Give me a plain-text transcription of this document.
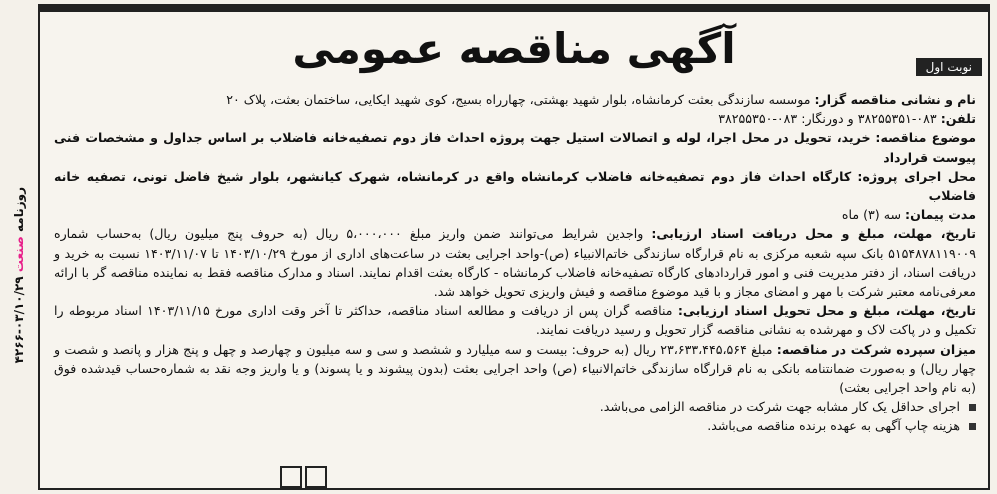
روزنامه صنعت ۰۳/۱۰/۲۹-۴۲۶۶
آگهی مناقصه عمومی	نوبت اول

نام و نشانی مناقصه گزار: موسسه سازندگی بعثت کرمانشاه، بلوار شهید بهشتی، چهارراه بسیج، کوی شهید ایکایی، ساختمان بعثت، پلاک ۲۰

تلفن: ۰۸۳-۳۸۲۵۵۳۵۱ و دورنگار: ۰۸۳-۳۸۲۵۵۳۵۰

موضوع مناقصه: خرید، تحویل در محل اجرا، لوله و اتصالات استیل جهت پروژه احداث فاز دوم تصفیه‌خانه فاضلاب بر اساس جداول و مشخصات فنی پیوست قرارداد

محل اجرای پروژه: کارگاه احداث فاز دوم تصفیه‌خانه فاضلاب کرمانشاه واقع در کرمانشاه، شهرک کیانشهر، بلوار شیخ فاضل تونی، تصفیه خانه فاضلاب

مدت پیمان: سه (۳) ماه

تاریخ، مهلت، مبلغ و محل دریافت اسناد ارزیابی: واجدین شرایط می‌توانند ضمن واریز مبلغ ۵،۰۰۰،۰۰۰ ریال (به حروف پنج میلیون ریال) به‌حساب شماره ۵۱۵۴۸۷۸۱۱۹۰۰۹ بانک سپه شعبه مرکزی به نام قرارگاه سازندگی خاتم‌الانبیاء (ص)-واحد اجرایی بعثت در ساعت‌های اداری از مورخ ۱۴۰۳/۱۰/۲۹ تا ۱۴۰۳/۱۱/۰۷ نسبت به خرید و دریافت اسناد، از دفتر مدیریت فنی و امور قراردادهای کارگاه تصفیه‌خانه فاضلاب کرمانشاه - کارگاه بعثت اقدام نمایند. اسناد و مدارک مناقصه فقط به نماینده مناقصه گر با ارائه معرفی‌نامه معتبر شرکت با مهر و امضای مجاز و با قید موضوع مناقصه و فیش واریزی تحویل خواهد شد.

تاریخ، مهلت، مبلغ و محل تحویل اسناد ارزیابی: مناقصه گران پس از دریافت و مطالعه اسناد مناقصه، حداکثر تا آخر وقت اداری مورخ ۱۴۰۳/۱۱/۱۵ اسناد مربوطه را تکمیل و در پاکت لاک و مهرشده به نشانی مناقصه گزار تحویل و رسید دریافت نمایند.

میزان سپرده شرکت در مناقصه: مبلغ ۲۳،۶۳۳،۴۴۵،۵۶۴ ریال (به حروف: بیست و سه میلیارد و ششصد و سی و سه میلیون و چهارصد و چهل و پنج هزار و پانصد و شصت و چهار ریال) و به‌صورت ضمانتنامه بانکی به نام قرارگاه سازندگی خاتم‌الانبیاء (ص) واحد اجرایی بعثت (بدون پیشوند و یا پسوند) و یا واریز وجه نقد به شماره‌حساب قیدشده فوق (به نام واحد اجرایی بعثت)

اجرای حداقل یک کار مشابه جهت شرکت در مناقصه الزامی می‌باشد.

هزینه چاپ آگهی به عهده برنده مناقصه می‌باشد.
